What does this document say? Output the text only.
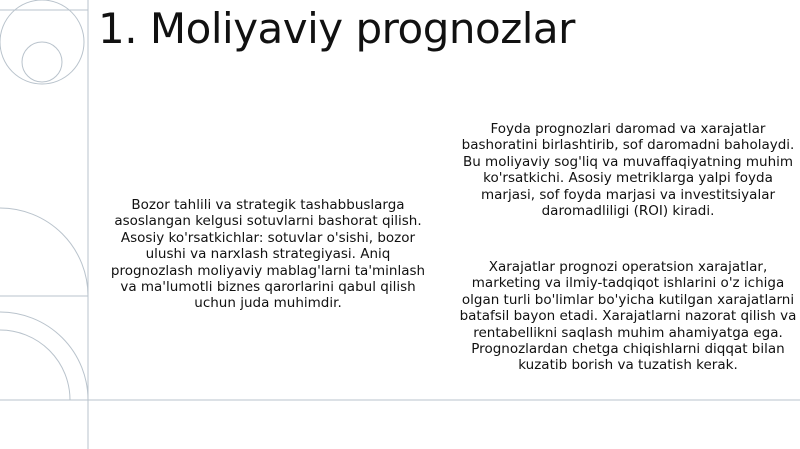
1. Moliyaviy prognozlar

Bozor tahlili va strategik tashabbuslarga asoslangan kelgusi sotuvlarni bashorat qilish. Asosiy ko'rsatkichlar: sotuvlar o'sishi, bozor ulushi va narxlash strategiyasi. Aniq prognozlash moliyaviy mablag'larni ta'minlash va ma'lumotli biznes qarorlarini qabul qilish uchun juda muhimdir.

Foyda prognozlari daromad va xarajatlar bashoratini birlashtirib, sof daromadni baholaydi. Bu moliyaviy sog'liq va muvaffaqiyatning muhim ko'rsatkichi. Asosiy metriklarga yalpi foyda marjasi, sof foyda marjasi va investitsiyalar daromadliligi (ROI) kiradi.

Xarajatlar prognozi operatsion xarajatlar, marketing va ilmiy-tadqiqot ishlarini o'z ichiga olgan turli bo'limlar bo'yicha kutilgan xarajatlarni batafsil bayon etadi. Xarajatlarni nazorat qilish va rentabellikni saqlash muhim ahamiyatga ega. Prognozlardan chetga chiqishlarni diqqat bilan kuzatib borish va tuzatish kerak.
